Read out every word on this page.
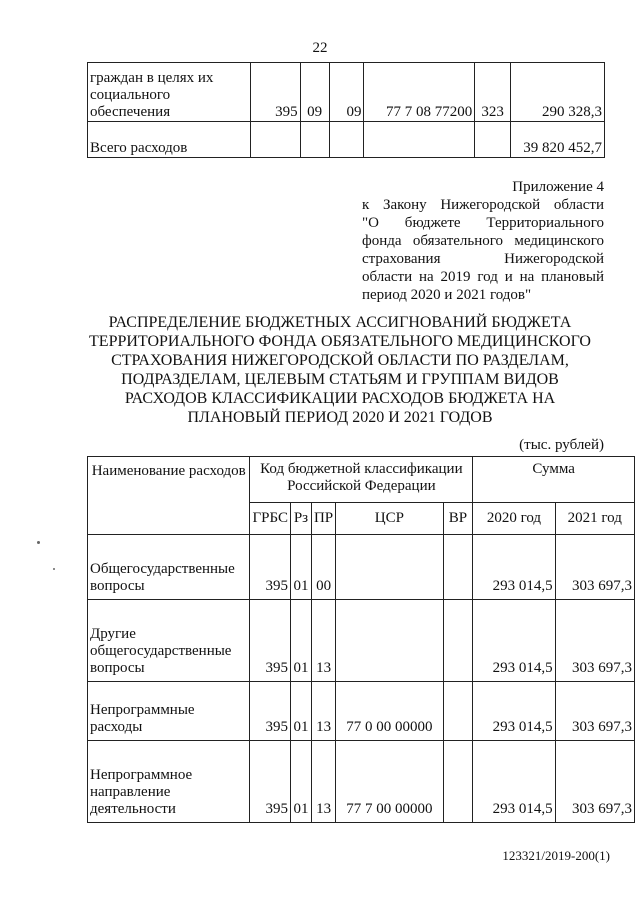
22
граждан в целях их
социального
обеспечения	395	09	09	77 7 08 77200	323	290 328,3
Всего расходов						39 820 452,7
Приложение 4
к Закону Нижегородской области
"О бюджете Территориального
фонда обязательного медицинского
страхования Нижегородской
области на 2019 год и на плановый
период 2020 и 2021 годов"
РАСПРЕДЕЛЕНИЕ БЮДЖЕТНЫХ АССИГНОВАНИЙ БЮДЖЕТА
ТЕРРИТОРИАЛЬНОГО ФОНДА ОБЯЗАТЕЛЬНОГО МЕДИЦИНСКОГО
СТРАХОВАНИЯ НИЖЕГОРОДСКОЙ ОБЛАСТИ ПО РАЗДЕЛАМ,
ПОДРАЗДЕЛАМ, ЦЕЛЕВЫМ СТАТЬЯМ И ГРУППАМ ВИДОВ
РАСХОДОВ КЛАССИФИКАЦИИ РАСХОДОВ БЮДЖЕТА НА
ПЛАНОВЫЙ ПЕРИОД 2020 И 2021 ГОДОВ
(тыс. рублей)
Наименование расходов	Код бюджетной классификации Российской Федерации					Сумма	
	ГРБС	Рз	ПР	ЦСР	ВР	2020 год	2021 год
Общегосударственные вопросы	395	01	00			293 014,5	303 697,3
Другие общегосударственные вопросы	395	01	13			293 014,5	303 697,3
Непрограммные расходы	395	01	13	77 0 00 00000		293 014,5	303 697,3
Непрограммное направление деятельности	395	01	13	77 7 00 00000		293 014,5	303 697,3
123321/2019-200(1)
